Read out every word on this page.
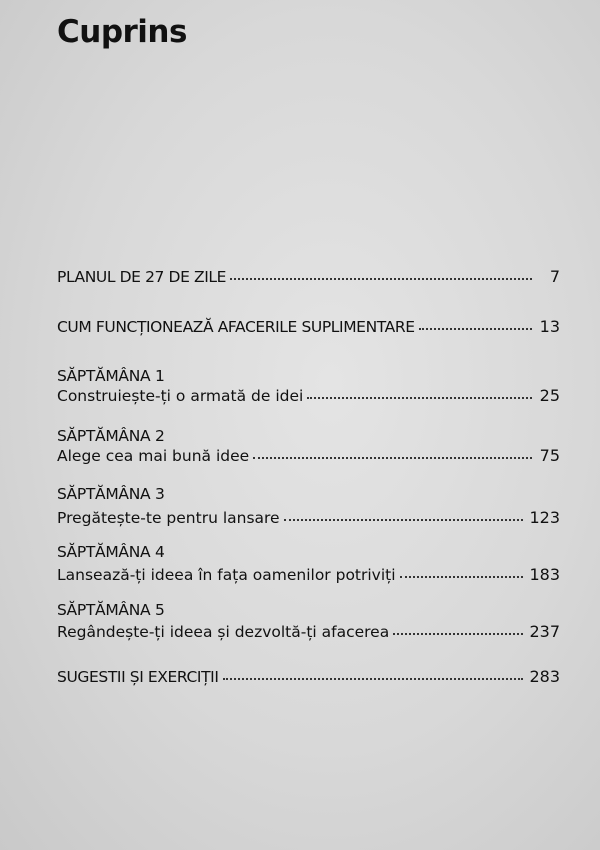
Cuprins
PLANUL DE 27 DE ZILE	7
CUM FUNCȚIONEAZĂ AFACERILE SUPLIMENTARE	13
SĂPTĂMÂNA 1
Construiește-ți o armată de idei	25
SĂPTĂMÂNA 2
Alege cea mai bună idee	75
SĂPTĂMÂNA 3
Pregătește-te pentru lansare	123
SĂPTĂMÂNA 4
Lansează-ți ideea în fața oamenilor potriviți	183
SĂPTĂMÂNA 5
Regândește-ți ideea și dezvoltă-ți afacerea	237
SUGESTII ȘI EXERCIȚII	283
